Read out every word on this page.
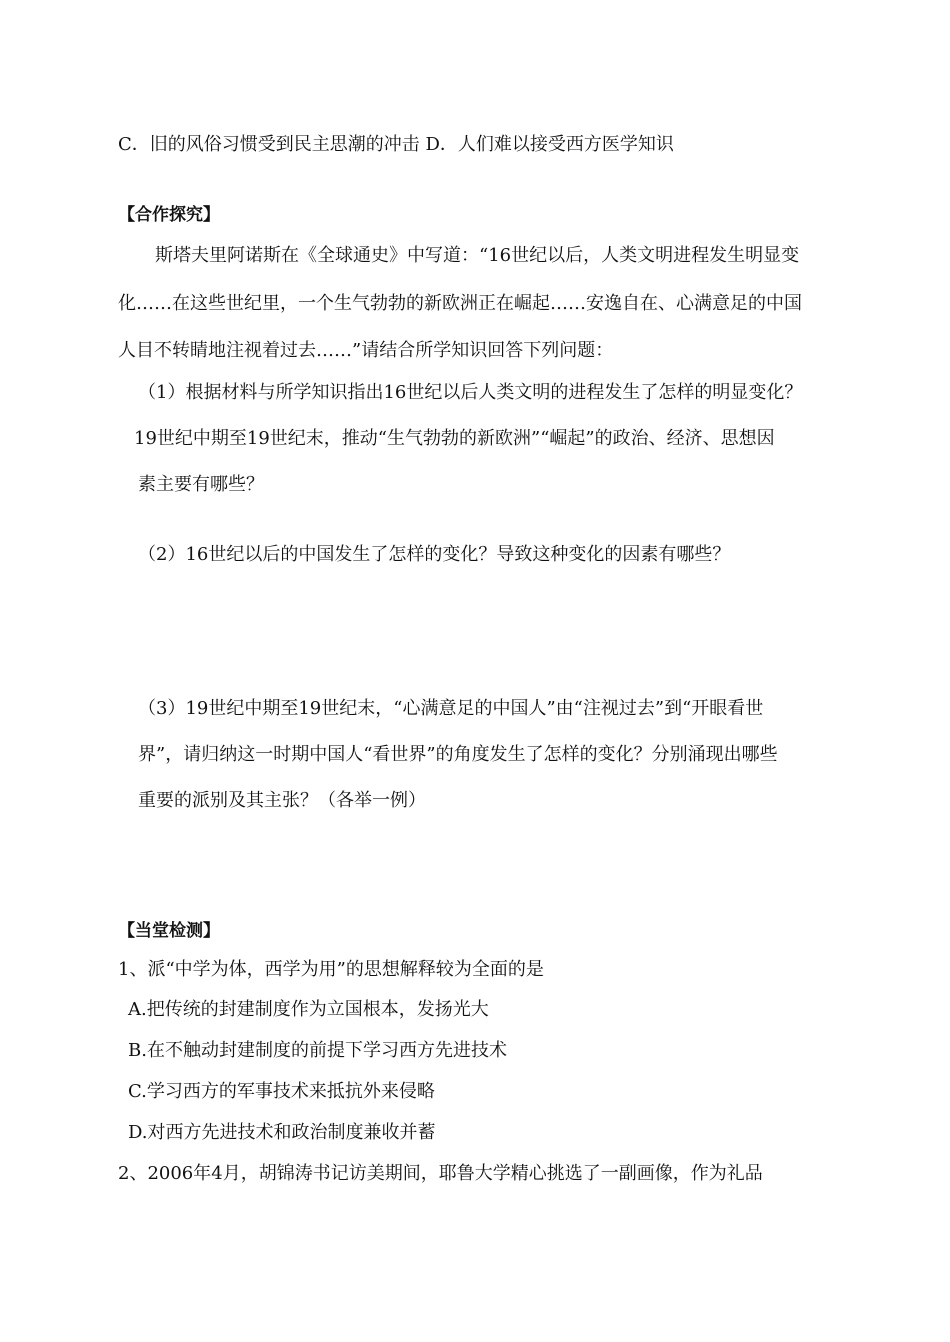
C．旧的风俗习惯受到民主思潮的冲击 D．人们难以接受西方医学知识
【合作探究】
斯塔夫里阿诺斯在《全球通史》中写道：“16世纪以后，人类文明进程发生明显变
化……在这些世纪里，一个生气勃勃的新欧洲正在崛起……安逸自在、心满意足的中国
人目不转睛地注视着过去……”请结合所学知识回答下列问题：
（1）根据材料与所学知识指出16世纪以后人类文明的进程发生了怎样的明显变化？
19世纪中期至19世纪末，推动“生气勃勃的新欧洲”“崛起”的政治、经济、思想因
素主要有哪些？
（2）16世纪以后的中国发生了怎样的变化？导致这种变化的因素有哪些？
（3）19世纪中期至19世纪末，“心满意足的中国人”由“注视过去”到“开眼看世
界”，请归纳这一时期中国人“看世界”的角度发生了怎样的变化？分别涌现出哪些
重要的派别及其主张？（各举一例）
【当堂检测】
1、派“中学为体，西学为用”的思想解释较为全面的是
A.把传统的封建制度作为立国根本，发扬光大
B.在不触动封建制度的前提下学习西方先进技术
C.学习西方的军事技术来抵抗外来侵略
D.对西方先进技术和政治制度兼收并蓄
2、2006年4月，胡锦涛书记访美期间，耶鲁大学精心挑选了一副画像，作为礼品
